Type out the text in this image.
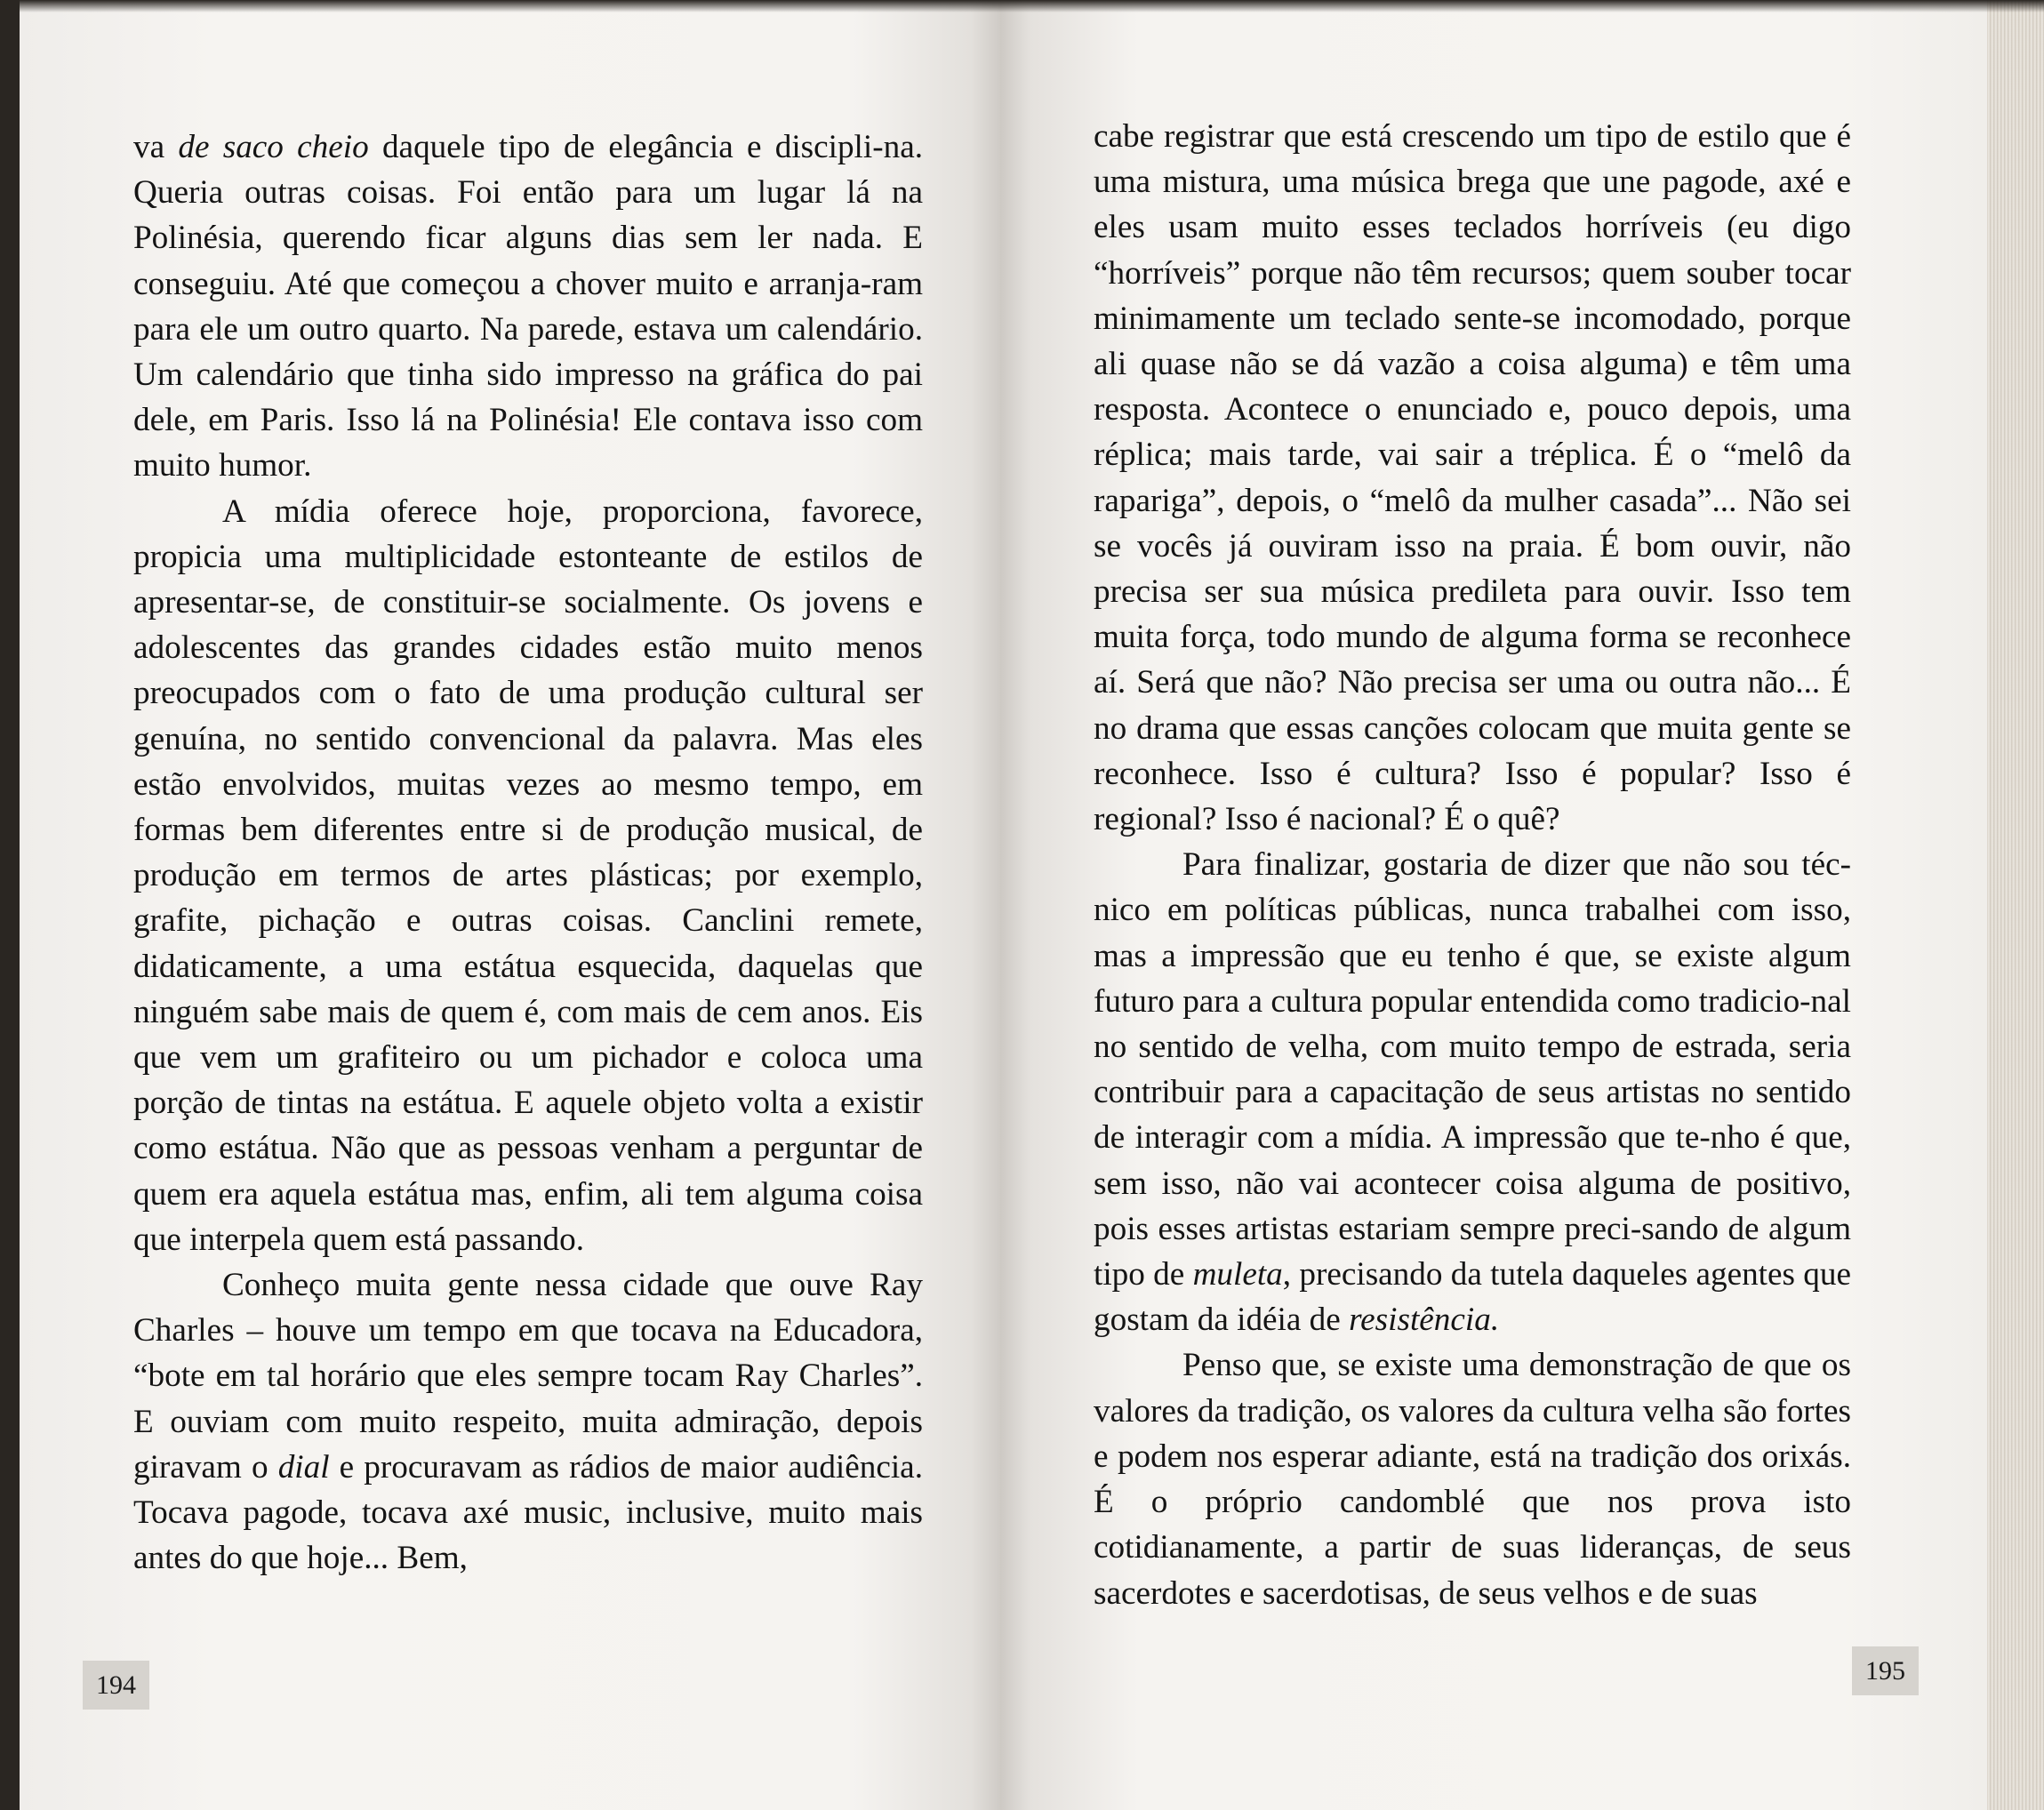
va de saco cheio daquele tipo de elegância e discipli-na. Queria outras coisas. Foi então para um lugar lá na Polinésia, querendo ficar alguns dias sem ler nada. E conseguiu. Até que começou a chover muito e arranja-ram para ele um outro quarto. Na parede, estava um calendário. Um calendário que tinha sido impresso na gráfica do pai dele, em Paris. Isso lá na Polinésia! Ele contava isso com muito humor.

A mídia oferece hoje, proporciona, favorece, propicia uma multiplicidade estonteante de estilos de apresentar-se, de constituir-se socialmente. Os jovens e adolescentes das grandes cidades estão muito menos preocupados com o fato de uma produção cultural ser genuína, no sentido convencional da palavra. Mas eles estão envolvidos, muitas vezes ao mesmo tempo, em formas bem diferentes entre si de produção musical, de produção em termos de artes plásticas; por exemplo, grafite, pichação e outras coisas. Canclini remete, didaticamente, a uma estátua esquecida, daquelas que ninguém sabe mais de quem é, com mais de cem anos. Eis que vem um grafiteiro ou um pichador e coloca uma porção de tintas na estátua. E aquele objeto volta a existir como estátua. Não que as pessoas venham a perguntar de quem era aquela estátua mas, enfim, ali tem alguma coisa que interpela quem está passando.

Conheço muita gente nessa cidade que ouve Ray Charles – houve um tempo em que tocava na Educadora, “bote em tal horário que eles sempre tocam Ray Charles”. E ouviam com muito respeito, muita admiração, depois giravam o dial e procuravam as rádios de maior audiência. Tocava pagode, tocava axé music, inclusive, muito mais antes do que hoje... Bem,

cabe registrar que está crescendo um tipo de estilo que é uma mistura, uma música brega que une pagode, axé e eles usam muito esses teclados horríveis (eu digo “horríveis” porque não têm recursos; quem souber tocar minimamente um teclado sente-se incomodado, porque ali quase não se dá vazão a coisa alguma) e têm uma resposta. Acontece o enunciado e, pouco depois, uma réplica; mais tarde, vai sair a tréplica. É o “melô da rapariga”, depois, o “melô da mulher casada”... Não sei se vocês já ouviram isso na praia. É bom ouvir, não precisa ser sua música predileta para ouvir. Isso tem muita força, todo mundo de alguma forma se reconhece aí. Será que não? Não precisa ser uma ou outra não... É no drama que essas canções colocam que muita gente se reconhece. Isso é cultura? Isso é popular? Isso é regional? Isso é nacional? É o quê?

Para finalizar, gostaria de dizer que não sou téc-nico em políticas públicas, nunca trabalhei com isso, mas a impressão que eu tenho é que, se existe algum futuro para a cultura popular entendida como tradicio-nal no sentido de velha, com muito tempo de estrada, seria contribuir para a capacitação de seus artistas no sentido de interagir com a mídia. A impressão que te-nho é que, sem isso, não vai acontecer coisa alguma de positivo, pois esses artistas estariam sempre preci-sando de algum tipo de muleta, precisando da tutela daqueles agentes que gostam da idéia de resistência.

Penso que, se existe uma demonstração de que os valores da tradição, os valores da cultura velha são fortes e podem nos esperar adiante, está na tradição dos orixás. É o próprio candomblé que nos prova isto cotidianamente, a partir de suas lideranças, de seus sacerdotes e sacerdotisas, de seus velhos e de suas

194	195
